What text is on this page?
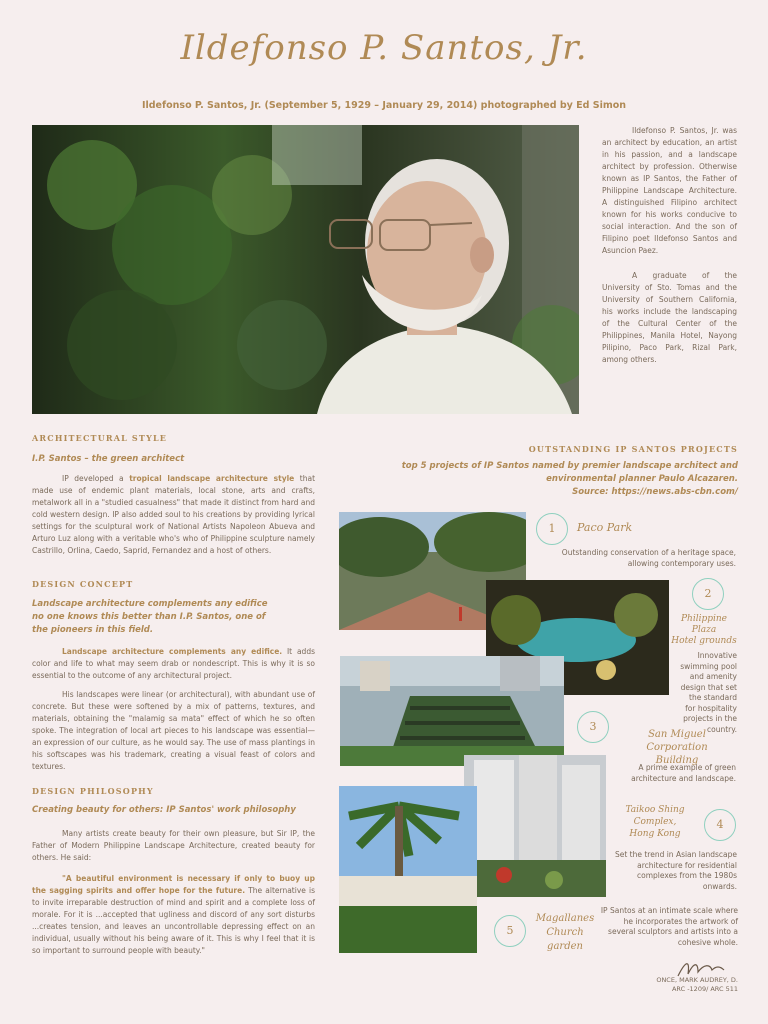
Ildefonso P. Santos, Jr.
Ildefonso P. Santos, Jr. (September 5, 1929 – January 29, 2014) photographed by Ed Simon

Ildefonso P. Santos, Jr. was an architect by education, an artist in his passion, and a landscape architect by profession. Otherwise known as IP Santos, the Father of Philippine Landscape Architecture. A distinguished Filipino architect known for his works conducive to social interaction. And the son of Filipino poet Ildefonso Santos and Asuncion Paez.

A graduate of the University of Sto. Tomas and the University of Southern California, his works include the landscaping of the Cultural Center of the Philippines, Manila Hotel, Nayong Pilipino, Paco Park, Rizal Park, among others.

ARCHITECTURAL STYLE
I.P. Santos – the green architect

IP developed a tropical landscape architecture style that made use of endemic plant materials, local stone, arts and crafts, metalwork all in a "studied casualness" that made it distinct from hard and cold western design. IP also added soul to his creations by providing lyrical settings for the sculptural work of National Artists Napoleon Abueva and Arturo Luz along with a veritable who's who of Philippine sculpture namely Castrillo, Orlina, Caedo, Saprid, Fernandez and a host of others.

DESIGN CONCEPT
Landscape architecture complements any edifice
no one knows this better than I.P. Santos, one of
the pioneers in this field.

Landscape architecture complements any edifice. It adds color and life to what may seem drab or nondescript. This is why it is so essential to the outcome of any architectural project.

His landscapes were linear (or architectural), with abundant use of concrete. But these were softened by a mix of patterns, textures, and materials, obtaining the "malamig sa mata" effect of which he so often spoke. The integration of local art pieces to his landscape was essential—an expression of our culture, as he would say. The use of mass plantings in his softscapes was his trademark, creating a visual feast of colors and textures.

DESIGN PHILOSOPHY
Creating beauty for others: IP Santos' work philosophy

Many artists create beauty for their own pleasure, but Sir IP, the Father of Modern Philippine Landscape Architecture, created beauty for others. He said:

"A beautiful environment is necessary if only to buoy up the sagging spirits and offer hope for the future. The alternative is to invite irreparable destruction of mind and spirit and a complete loss of morale. For it is ...accepted that ugliness and discord of any sort disturbs ...creates tension, and leaves an uncontrollable depressing effect on an individual, usually without his being aware of it. This is why I feel that it is so important to surround people with beauty."

OUTSTANDING IP SANTOS PROJECTS
top 5 projects of IP Santos named by premier landscape architect and
environmental planner Paulo Alcazaren.
Source: https://news.abs-cbn.com/
1	Paco Park
Outstanding conservation of a heritage space,
allowing contemporary uses.
2
Philippine Plaza
Hotel grounds
Innovative
swimming pool
and amenity
design that set
the standard
for hospitality
projects in the
country.
3
San Miguel Corporation
Building
A prime example of green
architecture and landscape.
4
Taikoo Shing Complex,
Hong Kong
Set the trend in Asian landscape
architecture for residential
complexes from the 1980s
onwards.
5
Magallanes
Church garden
IP Santos at an intimate scale where
he incorporates the artwork of
several sculptors and artists into a
cohesive whole.
ONCE, MARK AUDREY, D.
ARC -1209/ ARC 511
